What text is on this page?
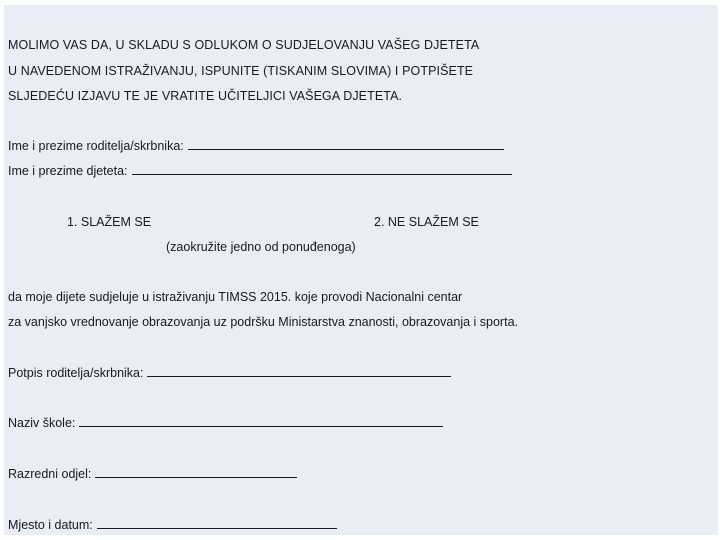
MOLIMO VAS DA, U SKLADU S ODLUKOM O SUDJELOVANJU VAŠEG DJETETA
U NAVEDENOM ISTRAŽIVANJU, ISPUNITE (TISKANIM SLOVIMA) I POTPIŠETE
SLJEDEĆU IZJAVU TE JE VRATITE UČITELJICI VAŠEGA DJETETA.
Ime i prezime roditelja/skrbnika:
Ime i prezime djeteta:
1. SLAŽEM SE	2. NE SLAŽEM SE
(zaokružite jedno od ponuđenoga)
da moje dijete sudjeluje u istraživanju TIMSS 2015. koje provodi Nacionalni centar
za vanjsko vrednovanje obrazovanja uz podršku Ministarstva znanosti, obrazovanja i sporta.
Potpis roditelja/skrbnika:
Naziv škole:
Razredni odjel:
Mjesto i datum:
